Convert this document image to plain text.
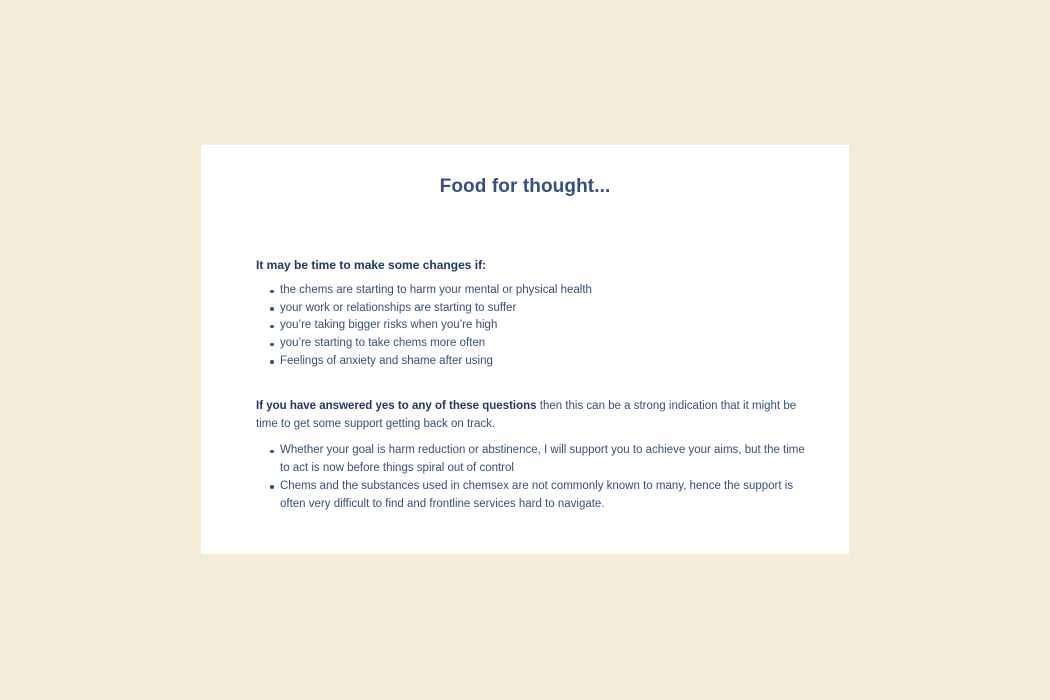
Food for thought...

It may be time to make some changes if:

the chems are starting to harm your mental or physical health
your work or relationships are starting to suffer
you’re taking bigger risks when you’re high
you’re starting to take chems more often
Feelings of anxiety and shame after using

If you have answered yes to any of these questions then this can be a strong indication that it might be time to get some support getting back on track.

Whether your goal is harm reduction or abstinence, I will support you to achieve your aims, but the time to act is now before things spiral out of control
Chems and the substances used in chemsex are not commonly known to many, hence the support is often very difficult to find and frontline services hard to navigate.
